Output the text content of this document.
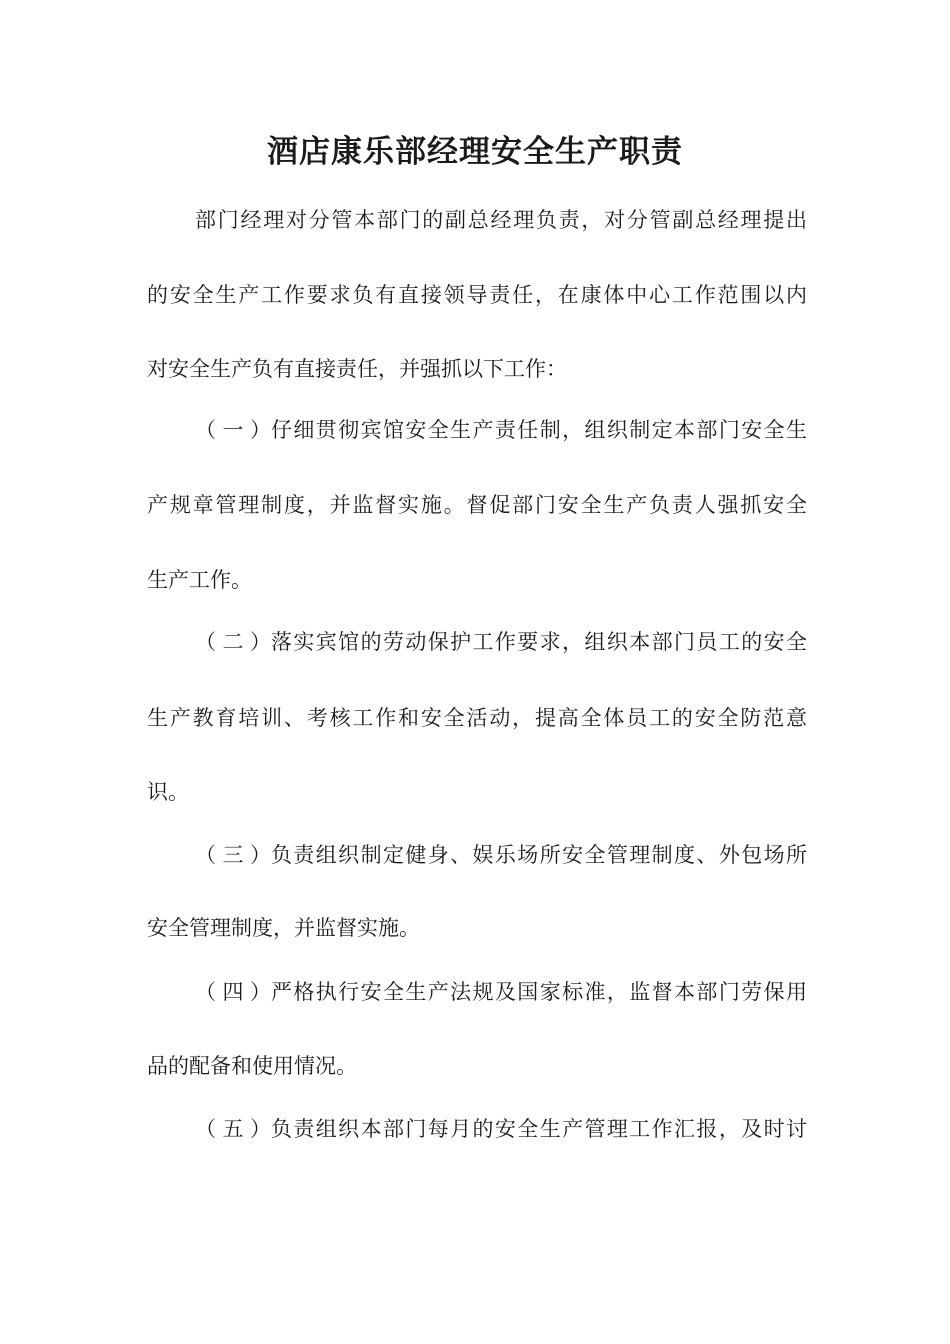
酒店康乐部经理安全生产职责
部门经理对分管本部门的副总经理负责，对分管副总经理提出
的安全生产工作要求负有直接领导责任，在康体中心工作范围以内
对安全生产负有直接责任，并强抓以下工作：
（一） 仔细贯彻宾馆安全生产责任制，组织制定本部门安全生
产规章管理制度，并监督实施。督促部门安全生产负责人强抓安全
生产工作。
（二） 落实宾馆的劳动保护工作要求，组织本部门员工的安全
生产教育培训、考核工作和安全活动，提高全体员工的安全防范意
识。
（三） 负责组织制定健身、娱乐场所安全管理制度、外包场所
安全管理制度，并监督实施。
（四） 严格执行安全生产法规及国家标准，监督本部门劳保用
品的配备和使用情况。
（五） 负责组织本部门每月的安全生产管理工作汇报，及时讨
